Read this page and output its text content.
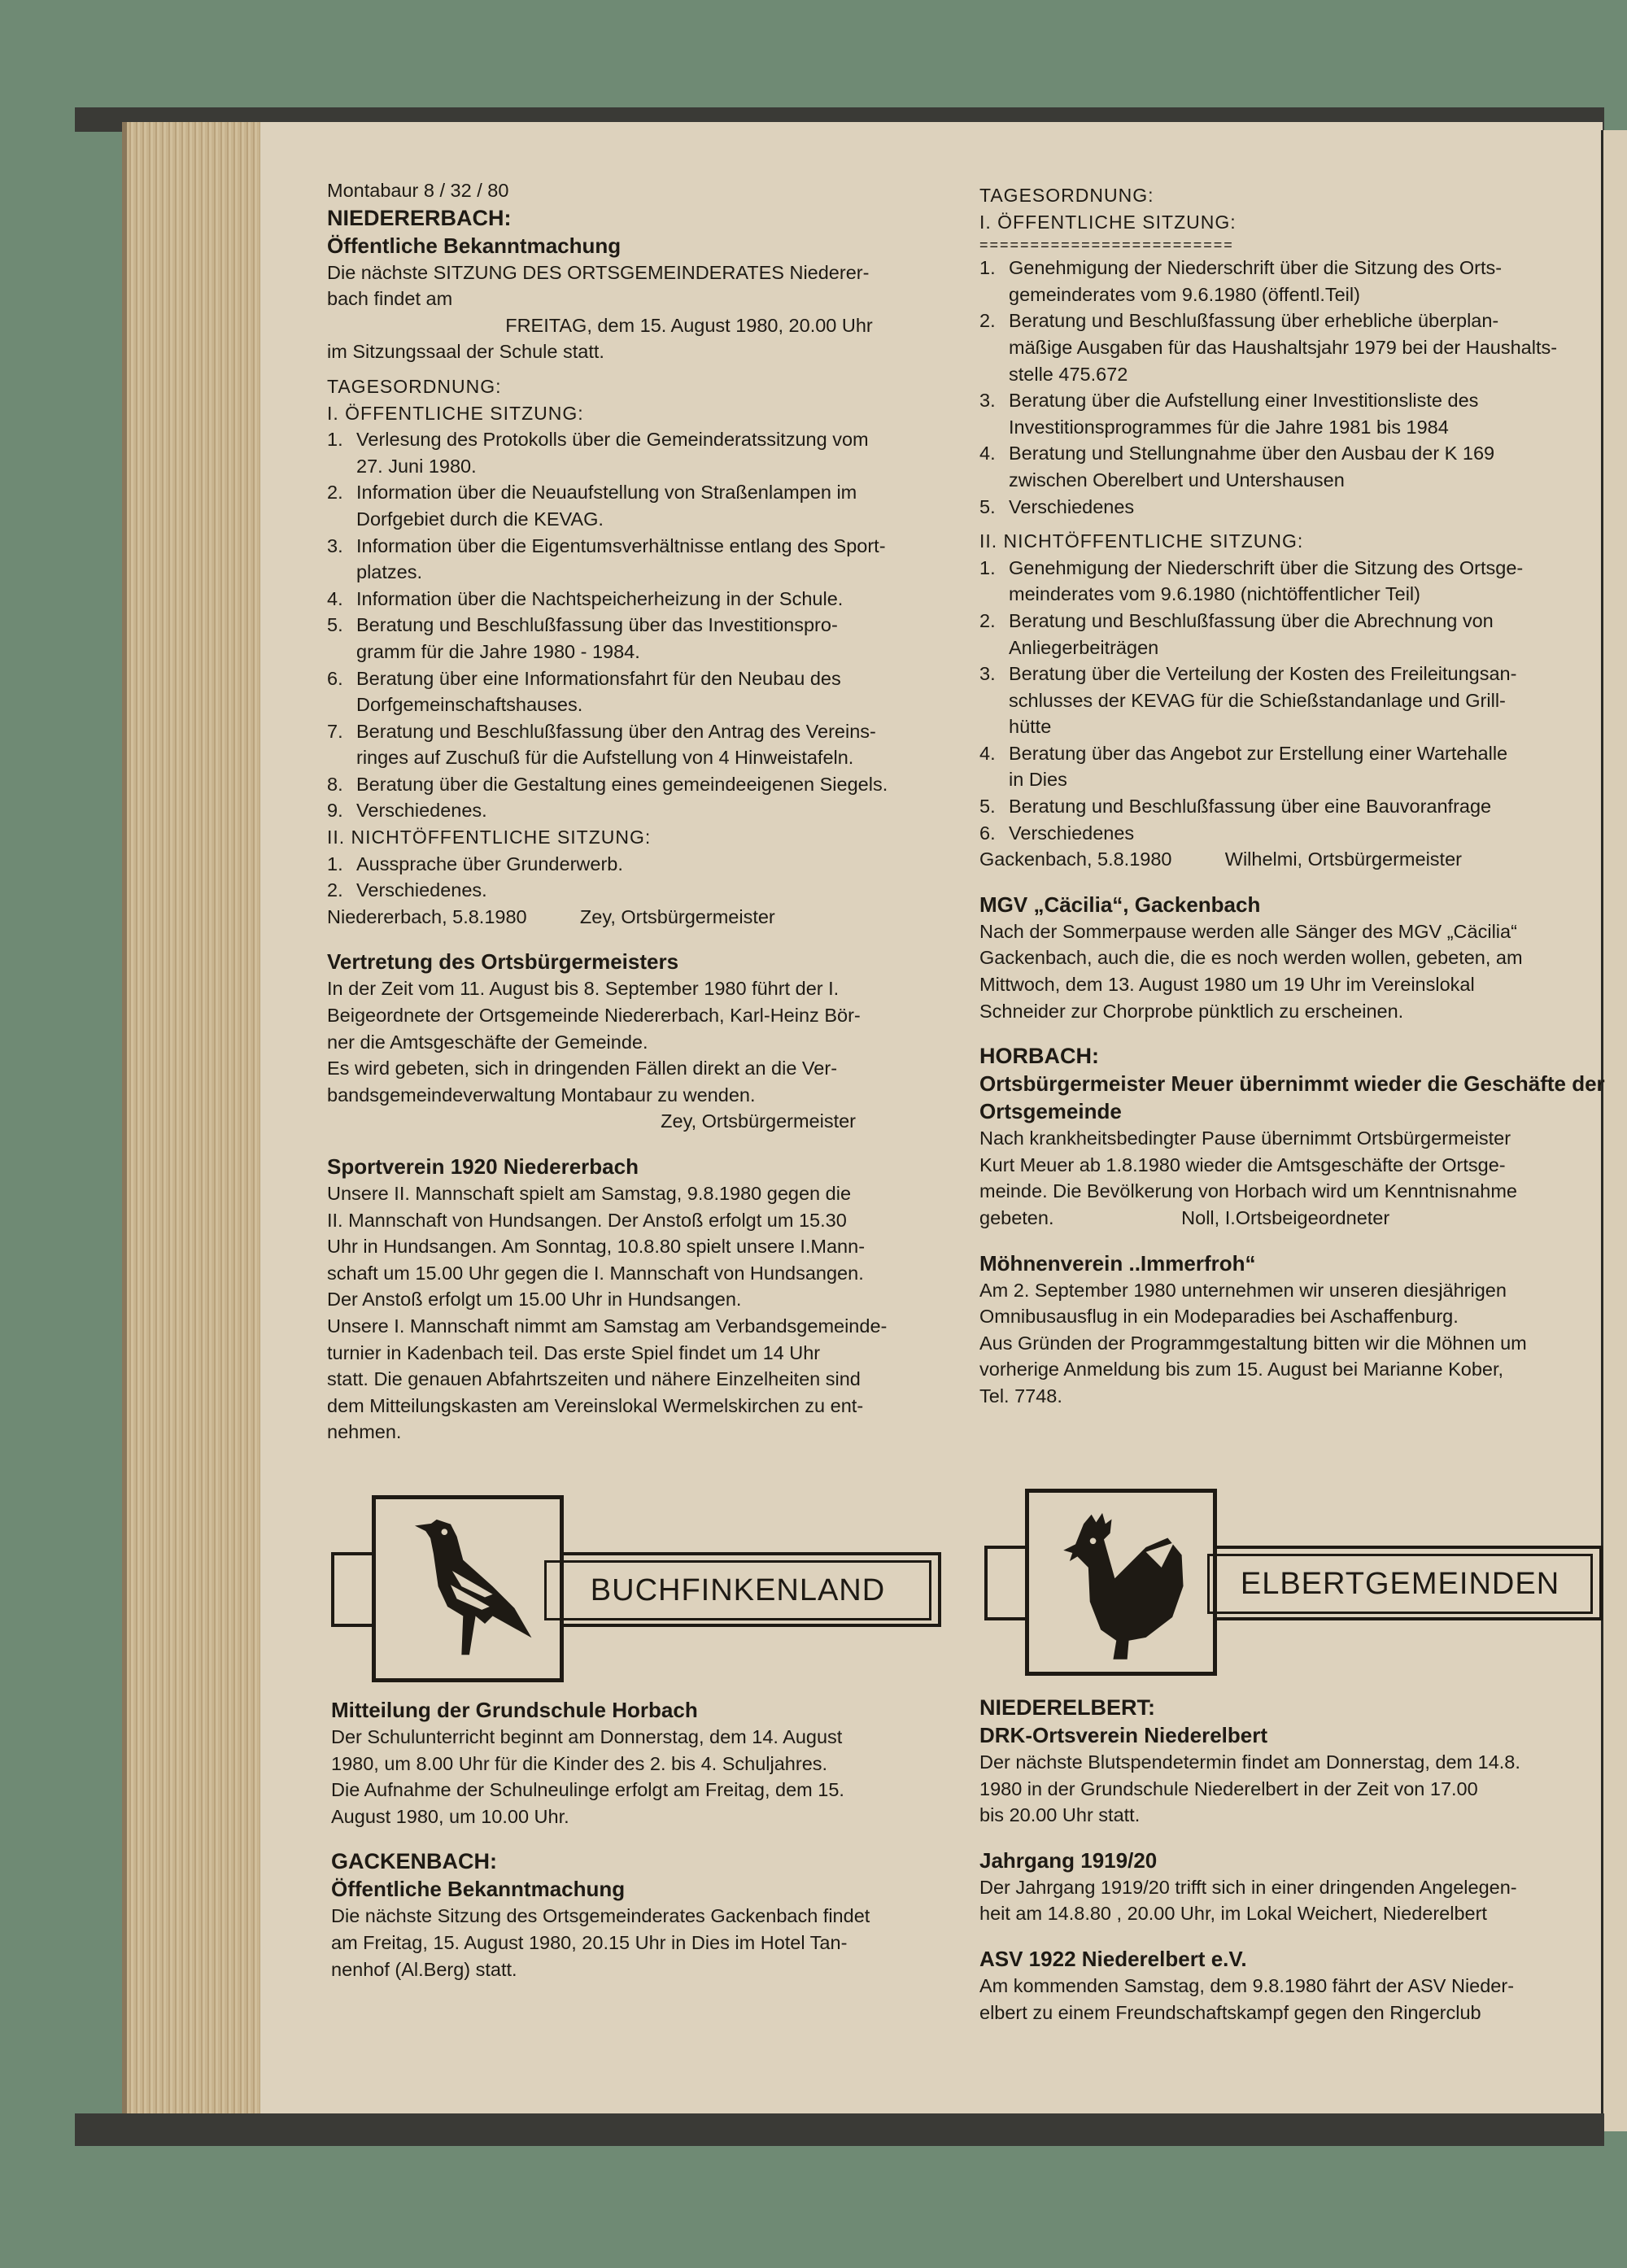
Montabaur 8 / 32 / 80

NIEDERERBACH:

Öffentliche Bekanntmachung

Die nächste SITZUNG DES ORTSGEMEINDERATES Niederer-

bach findet am

FREITAG, dem 15. August 1980, 20.00 Uhr

im Sitzungssaal der Schule statt.

TAGESORDNUNG:

I. ÖFFENTLICHE SITZUNG:

1. Verlesung des Protokolls über die Gemeinderatssitzung vom
27. Juni 1980.
2. Information über die Neuaufstellung von Straßenlampen im
Dorfgebiet durch die KEVAG.
3. Information über die Eigentumsverhältnisse entlang des Sport-
platzes.
4. Information über die Nachtspeicherheizung in der Schule.
5. Beratung und Beschlußfassung über das Investitionspro-
gramm für die Jahre 1980 - 1984.
6. Beratung über eine Informationsfahrt für den Neubau des
Dorfgemeinschaftshauses.
7. Beratung und Beschlußfassung über den Antrag des Vereins-
ringes auf Zuschuß für die Aufstellung von 4 Hinweistafeln.
8. Beratung über die Gestaltung eines gemeindeeigenen Siegels.
9. Verschiedenes.

II. NICHTÖFFENTLICHE SITZUNG:

1. Aussprache über Grunderwerb.
2. Verschiedenes.

Niedererbach, 5.8.1980          Zey, Ortsbürgermeister

Vertretung des Ortsbürgermeisters

In der Zeit vom 11. August bis 8. September 1980 führt der I.

Beigeordnete der Ortsgemeinde Niedererbach, Karl-Heinz Bör-

ner die Amtsgeschäfte der Gemeinde.

Es wird gebeten, sich in dringenden Fällen direkt an die Ver-

bandsgemeindeverwaltung Montabaur zu wenden.

Zey, Ortsbürgermeister

Sportverein 1920 Niedererbach

Unsere II. Mannschaft spielt am Samstag, 9.8.1980 gegen die

II. Mannschaft von Hundsangen. Der Anstoß erfolgt um 15.30

Uhr in Hundsangen. Am Sonntag, 10.8.80 spielt unsere I.Mann-

schaft um 15.00 Uhr gegen die I. Mannschaft von Hundsangen.

Der Anstoß erfolgt um 15.00 Uhr in Hundsangen.

Unsere I. Mannschaft nimmt am Samstag am Verbandsgemeinde-

turnier in Kadenbach teil. Das erste Spiel findet um 14 Uhr

statt. Die genauen Abfahrtszeiten und nähere Einzelheiten sind

dem Mitteilungskasten am Vereinslokal Wermelskirchen zu ent-

nehmen.

BUCHFINKENLAND

Mitteilung der Grundschule Horbach

Der Schulunterricht beginnt am Donnerstag, dem 14. August

1980, um 8.00 Uhr für die Kinder des 2. bis 4. Schuljahres.

Die Aufnahme der Schulneulinge erfolgt am Freitag, dem 15.

August 1980, um 10.00 Uhr.

GACKENBACH:

Öffentliche Bekanntmachung

Die nächste Sitzung des Ortsgemeinderates Gackenbach findet

am Freitag, 15. August 1980, 20.15 Uhr in Dies im Hotel Tan-

nenhof (Al.Berg) statt.

TAGESORDNUNG:

I. ÖFFENTLICHE SITZUNG:

=========================

1. Genehmigung der Niederschrift über die Sitzung des Orts-
gemeinderates vom 9.6.1980 (öffentl.Teil)
2. Beratung und Beschlußfassung über erhebliche überplan-
mäßige Ausgaben für das Haushaltsjahr 1979 bei der Haushalts-
stelle 475.672
3. Beratung über die Aufstellung einer Investitionsliste des
Investitionsprogrammes für die Jahre 1981 bis 1984
4. Beratung und Stellungnahme über den Ausbau der K 169
zwischen Oberelbert und Untershausen
5. Verschiedenes

II. NICHTÖFFENTLICHE SITZUNG:

1. Genehmigung der Niederschrift über die Sitzung des Ortsge-
meinderates vom 9.6.1980 (nichtöffentlicher Teil)
2. Beratung und Beschlußfassung über die Abrechnung von
Anliegerbeiträgen
3. Beratung über die Verteilung der Kosten des Freileitungsan-
schlusses der KEVAG für die Schießstandanlage und Grill-
hütte
4. Beratung über das Angebot zur Erstellung einer Wartehalle
in Dies
5. Beratung und Beschlußfassung über eine Bauvoranfrage
6. Verschiedenes

Gackenbach, 5.8.1980          Wilhelmi, Ortsbürgermeister

MGV „Cäcilia“, Gackenbach

Nach der Sommerpause werden alle Sänger des MGV „Cäcilia“

Gackenbach, auch die, die es noch werden wollen, gebeten, am

Mittwoch, dem 13. August 1980 um 19 Uhr im Vereinslokal

Schneider zur Chorprobe pünktlich zu erscheinen.

HORBACH:

Ortsbürgermeister Meuer übernimmt wieder die Geschäfte der

Ortsgemeinde

Nach krankheitsbedingter Pause übernimmt Ortsbürgermeister

Kurt Meuer ab 1.8.1980 wieder die Amtsgeschäfte der Ortsge-

meinde. Die Bevölkerung von Horbach wird um Kenntnisnahme

gebeten.                        Noll, I.Ortsbeigeordneter

Möhnenverein ..Immerfroh“

Am 2. September 1980 unternehmen wir unseren diesjährigen

Omnibusausflug in ein Modeparadies bei Aschaffenburg.

Aus Gründen der Programmgestaltung bitten wir die Möhnen um

vorherige Anmeldung bis zum 15. August bei Marianne Kober,

Tel. 7748.

ELBERTGEMEINDEN

NIEDERELBERT:

DRK-Ortsverein Niederelbert

Der nächste Blutspendetermin findet am Donnerstag, dem 14.8.

1980 in der Grundschule Niederelbert in der Zeit von 17.00

bis 20.00 Uhr statt.

Jahrgang 1919/20

Der Jahrgang 1919/20 trifft sich in einer dringenden Angelegen-

heit am 14.8.80 , 20.00 Uhr, im Lokal Weichert, Niederelbert

ASV 1922 Niederelbert e.V.

Am kommenden Samstag, dem 9.8.1980 fährt der ASV Nieder-

elbert zu einem Freundschaftskampf gegen den Ringerclub
